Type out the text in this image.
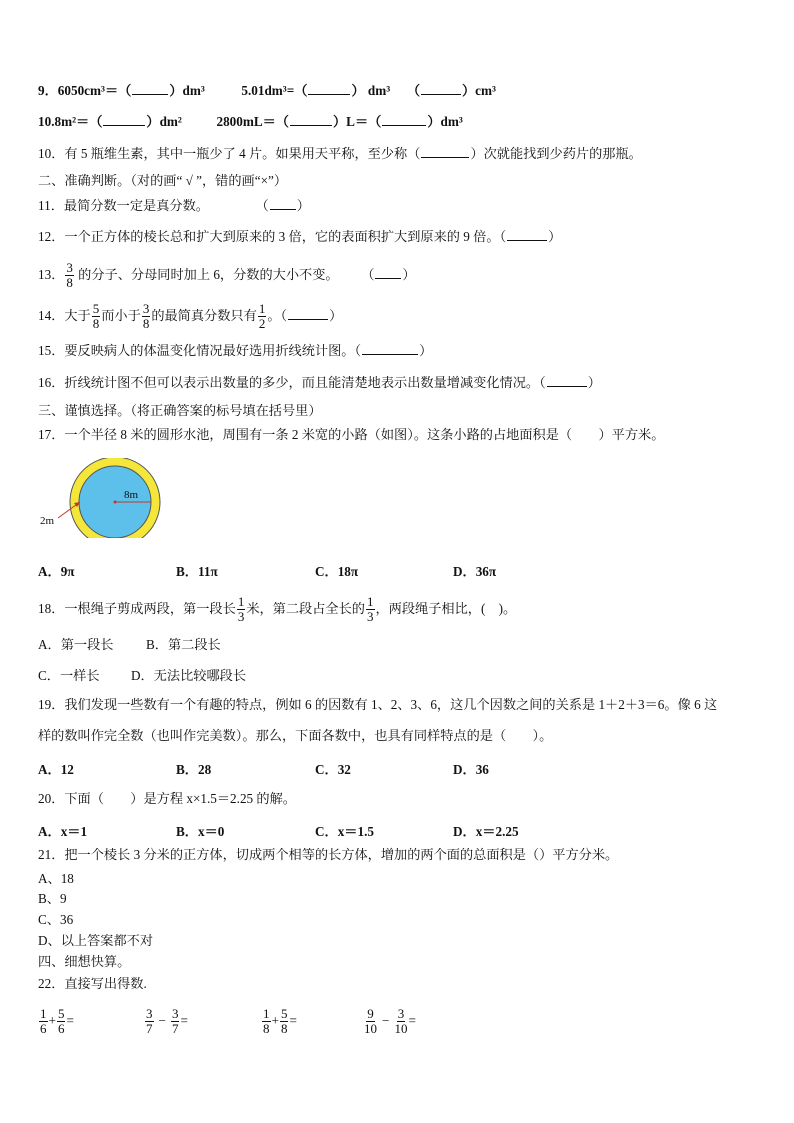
9．6050cm³＝（	）dm³	5.01dm³=（	） dm³ （	）cm³
10.8m²＝（	）dm²	2800mL＝（	）L＝（	）dm³
10．有 5 瓶维生素，其中一瓶少了 4 片。如果用天平称，至少称（	）次就能找到少药片的那瓶。
二、准确判断。（对的画“ √ ”，错的画“×”）
11．最简分数一定是真分数。	（ ）
12．一个正方体的棱长总和扩大到原来的 3 倍，它的表面积扩大到原来的 9 倍。（	）
13． $\frac{3}{8}$ 的分子、分母同时加上 6，分数的大小不变。 （ ）
14．大于 $\frac{5}{8}$ 而小于 $\frac{3}{8}$ 的最简真分数只有 $\frac{1}{2}$ 。（	）
15．要反映病人的体温变化情况最好选用折线统计图。（	）
16．折线统计图不但可以表示出数量的多少，而且能清楚地表示出数量增减变化情况。（	）
三、谨慎选择。（将正确答案的标号填在括号里）
17．一个半径 8 米的圆形水池，周围有一条 2 米宽的小路（如图）。这条小路的占地面积是（　　）平方米。
8m
2m
A．9π	B．11π	C．18π	D．36π
18．一根绳子剪成两段，第一段长 $\frac{1}{3}$ 米，第二段占全长的 $\frac{1}{3}$ ，两段绳子相比，(　)。
A．第一段长 B．第二段长
C．一样长 D．无法比较哪段长
19．我们发现一些数有一个有趣的特点，例如 6 的因数有 1、2、3、6，这几个因数之间的关系是 1＋2＋3＝6。像 6 这
样的数叫作完全数（也叫作完美数）。那么，下面各数中，也具有同样特点的是（　　）。
A．12	B．28	C．32	D．36
20．下面（　　）是方程 x×1.5＝2.25 的解。
A．x＝1	B．x＝0	C．x＝1.5	D．x＝2.25
21．把一个棱长 3 分米的正方体，切成两个相等的长方体，增加的两个面的总面积是（）平方分米。
A、18
B、9
C、36
D、以上答案都不对
四、细想快算。
22．直接写出得数.
$\frac{1}{6} + \frac{5}{6}$ =	$\frac{3}{7} - \frac{3}{7}$ =	$\frac{1}{8} + \frac{5}{8}$ =	$\frac{9}{10} - \frac{3}{10}$ =
